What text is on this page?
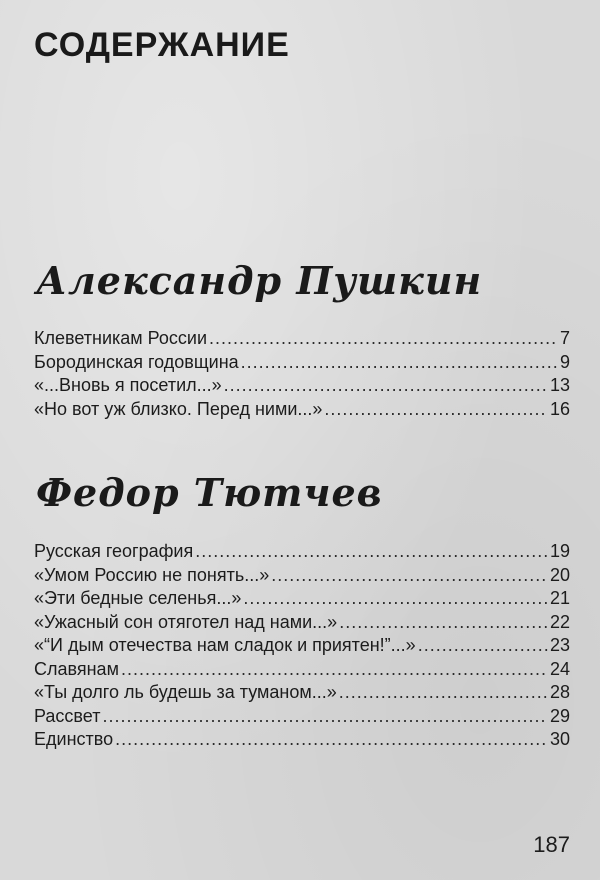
СОДЕРЖАНИЕ
Александр Пушкин
Клеветникам России .....	7
Бородинская годовщина .....	9
«...Вновь я посетил...» .....	13
«Но вот уж близко. Перед ними...» .....	16
Федор Тютчев
Русская география .....	19
«Умом Россию не понять...» .....	20
«Эти бедные селенья...» .....	21
«Ужасный сон отяготел над нами...» .....	22
«“И дым отечества нам сладок и приятен!”...» .....	23
Славянам .....	24
«Ты долго ль будешь за туманом...» .....	28
Рассвет .....	29
Единство .....	30
187
